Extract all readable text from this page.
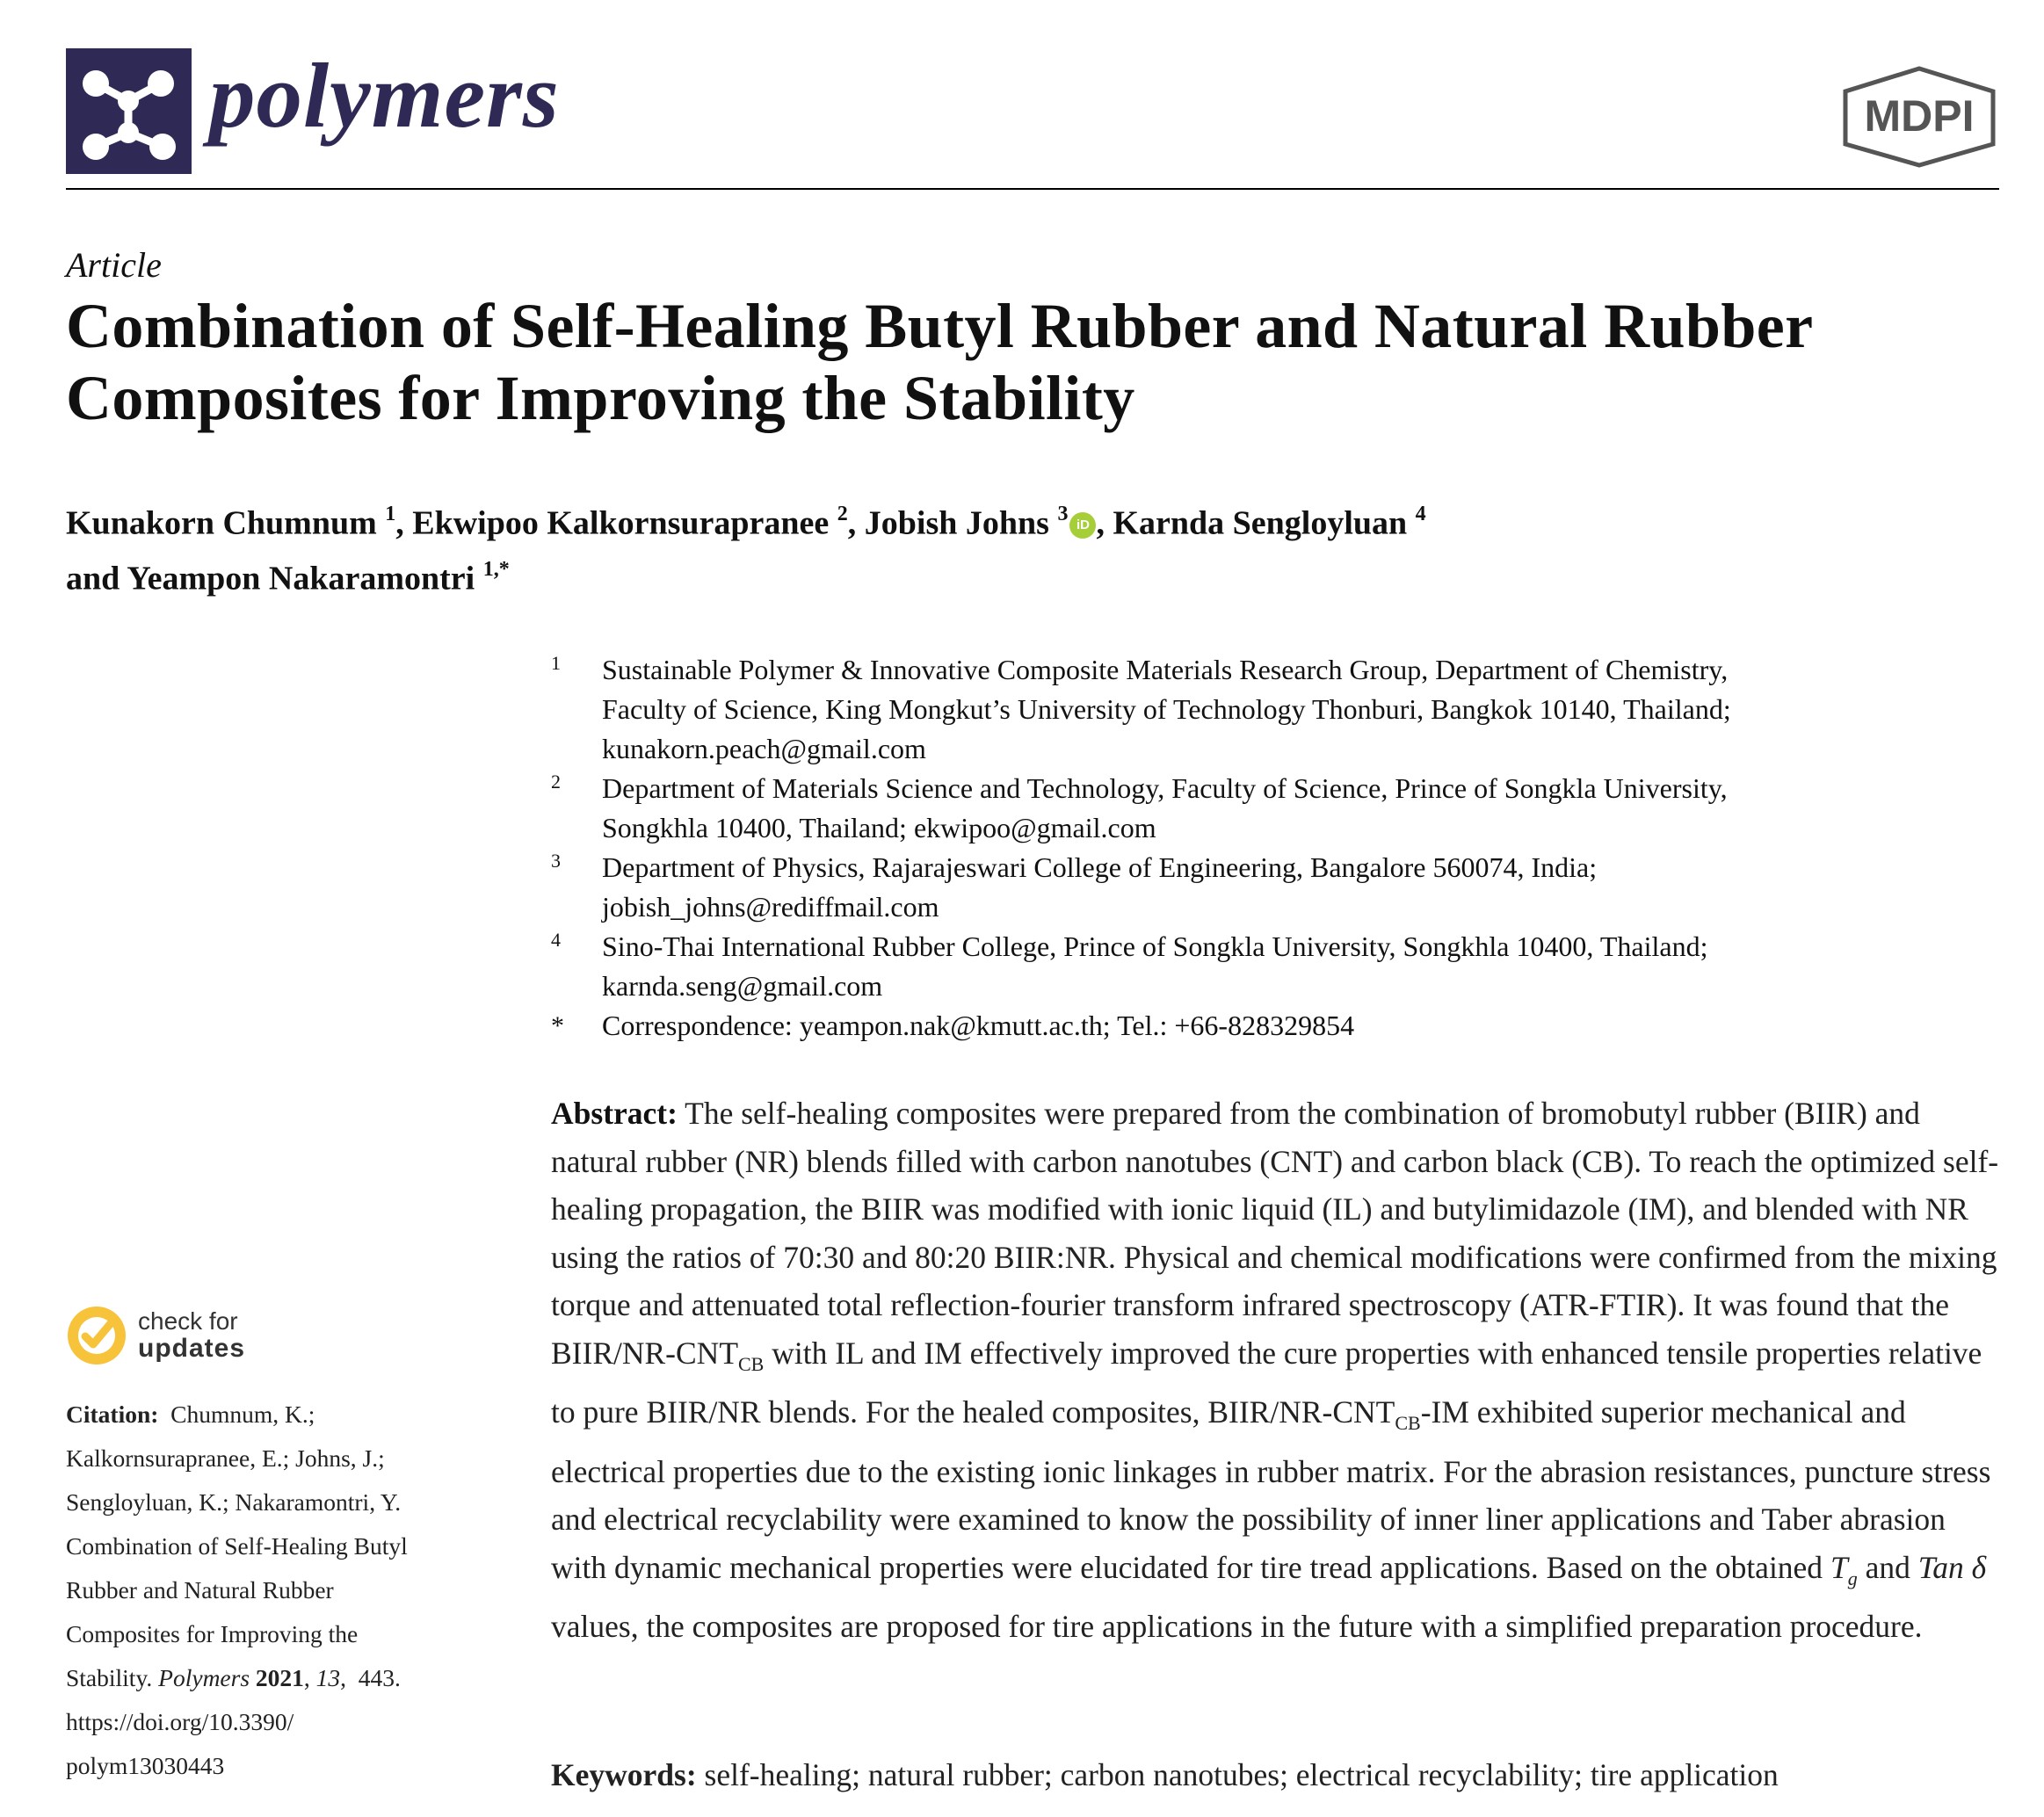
polymers	MDPI
Article
Combination of Self-Healing Butyl Rubber and Natural Rubber Composites for Improving the Stability
Kunakorn Chumnum $^1$, Ekwipoo Kalkornsurapranee $^2$, Jobish Johns $^3$ iD , Karnda Sengloyluan $^4$
and Yeampon Nakaramontri $^{1,*}$
1 Sustainable Polymer & Innovative Composite Materials Research Group, Department of Chemistry,
Faculty of Science, King Mongkut’s University of Technology Thonburi, Bangkok 10140, Thailand;
kunakorn.peach@gmail.com
2 Department of Materials Science and Technology, Faculty of Science, Prince of Songkla University,
Songkhla 10400, Thailand; ekwipoo@gmail.com
3 Department of Physics, Rajarajeswari College of Engineering, Bangalore 560074, India;
jobish_johns@rediffmail.com
4 Sino-Thai International Rubber College, Prince of Songkla University, Songkhla 10400, Thailand;
karnda.seng@gmail.com
* Correspondence: yeampon.nak@kmutt.ac.th; Tel.: +66-828329854
Abstract: The self-healing composites were prepared from the combination of bromobutyl rubber (BIIR) and natural rubber (NR) blends filled with carbon nanotubes (CNT) and carbon black (CB). To reach the optimized self-healing propagation, the BIIR was modified with ionic liquid (IL) and butylimidazole (IM), and blended with NR using the ratios of 70:30 and 80:20 BIIR:NR. Physical and chemical modifications were confirmed from the mixing torque and attenuated total reflection-fourier transform infrared spectroscopy (ATR-FTIR). It was found that the BIIR/$NR-CNT_{CB}$ with IL and IM effectively improved the cure properties with enhanced tensile properties relative to pure BIIR/NR blends. For the healed composites, BIIR/$NR-CNT_{CB}-IM$ exhibited superior mechanical and electrical properties due to the existing ionic linkages in rubber matrix. For the abrasion resistances, puncture stress and electrical recyclability were examined to know the possibility of inner liner applications and Taber abrasion with dynamic mechanical properties were elucidated for tire tread applications. Based on the obtained $T_g$ and Tan δ values, the composites are proposed for tire applications in the future with a simplified preparation procedure.
Keywords: self-healing; natural rubber; carbon nanotubes; electrical recyclability; tire application
check for
updates
Citation: Chumnum, K.;
Kalkornsurapranee, E.; Johns, J.;
Sengloyluan, K.; Nakaramontri, Y.
Combination of Self-Healing Butyl
Rubber and Natural Rubber
Composites for Improving the
Stability. Polymers 2021, 13,  443.
https://doi.org/10.3390/
polym13030443
